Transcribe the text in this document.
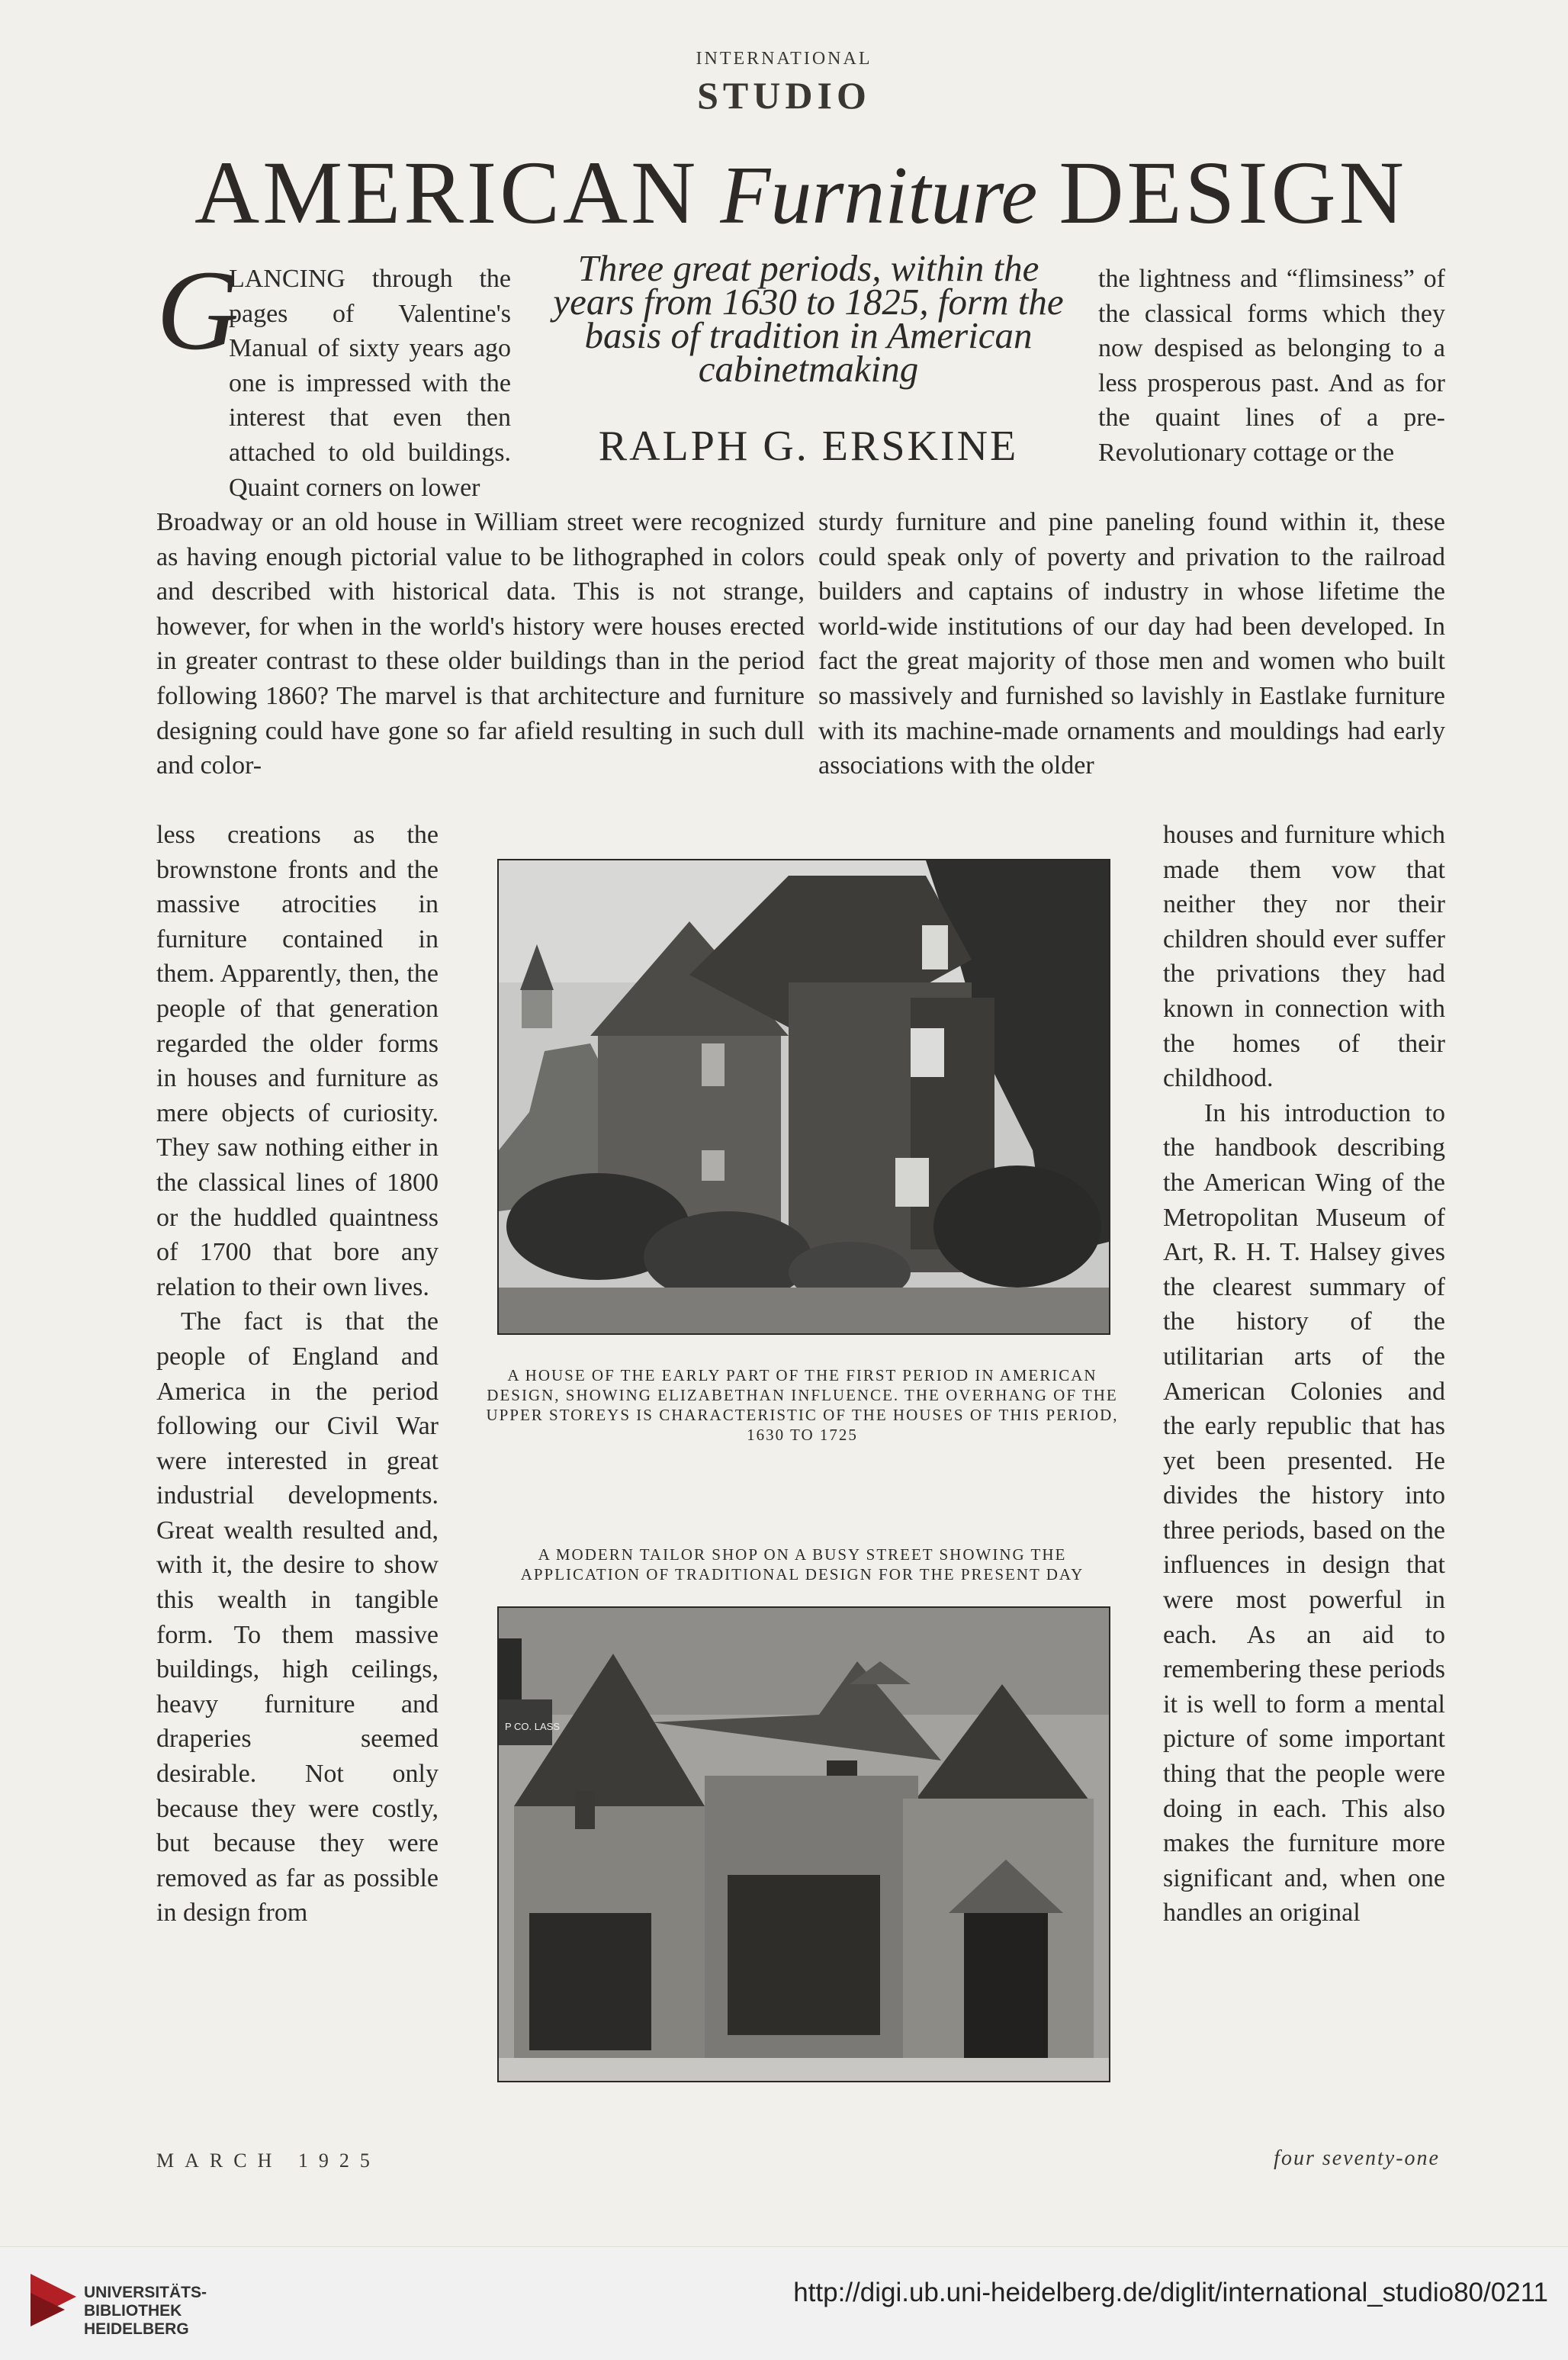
international
STUDIO
AMERICAN Furniture DESIGN
Three great periods, within the years from 1630 to 1825, form the basis of tradition in American cabinetmaking
RALPH G. ERSKINE
G
LANCING through the pages of Valentine's Manual of sixty years ago one is impressed with the interest that even then attached to old buildings. Quaint corners on lower
the lightness and “flimsiness” of the classical forms which they now despised as belonging to a less prosperous past. And as for the quaint lines of a pre-Revolutionary cottage or the
Broadway or an old house in William street were recognized as having enough pictorial value to be lithographed in colors and described with historical data. This is not strange, however, for when in the world's history were houses erected in greater contrast to these older buildings than in the period following 1860? The marvel is that architecture and furniture designing could have gone so far afield resulting in such dull and color-
sturdy furniture and pine paneling found within it, these could speak only of poverty and privation to the railroad builders and captains of industry in whose lifetime the world-wide institutions of our day had been developed. In fact the great majority of those men and women who built so massively and furnished so lavishly in Eastlake furniture with its machine-made ornaments and mouldings had early associations with the older
less creations as the brownstone fronts and the massive atrocities in furniture contained in them. Apparently, then, the people of that generation regarded the older forms in houses and furniture as mere objects of curiosity. They saw nothing either in the classical lines of 1800 or the huddled quaintness of 1700 that bore any relation to their own lives.
The fact is that the people of England and America in the period following our Civil War were interested in great industrial developments. Great wealth resulted and, with it, the desire to show this wealth in tangible form. To them massive buildings, high ceilings, heavy furniture and draperies seemed desirable. Not only because they were costly, but because they were removed as far as possible in design from
houses and furniture which made them vow that neither they nor their children should ever suffer the privations they had known in connection with the homes of their childhood.
In his introduction to the handbook describing the American Wing of the Metropolitan Museum of Art, R. H. T. Halsey gives the clearest summary of the history of the utilitarian arts of the American Colonies and the early republic that has yet been presented. He divides the history into three periods, based on the influences in design that were most powerful in each. As an aid to remembering these periods it is well to form a mental picture of some important thing that the people were doing in each. This also makes the furniture more significant and, when one handles an original
A HOUSE OF THE EARLY PART OF THE FIRST PERIOD IN AMERICAN DESIGN, SHOWING ELIZABETHAN INFLUENCE. THE OVERHANG OF THE UPPER STOREYS IS CHARACTERISTIC OF THE HOUSES OF THIS PERIOD, 1630 TO 1725
A MODERN TAILOR SHOP ON A BUSY STREET SHOWING THE APPLICATION OF TRADITIONAL DESIGN FOR THE PRESENT DAY
P CO. LASS
MARCH 1925	four seventy-one
UNIVERSITÄTS-BIBLIOTHEK HEIDELBERG
http://digi.ub.uni-heidelberg.de/diglit/international_studio80/0211
